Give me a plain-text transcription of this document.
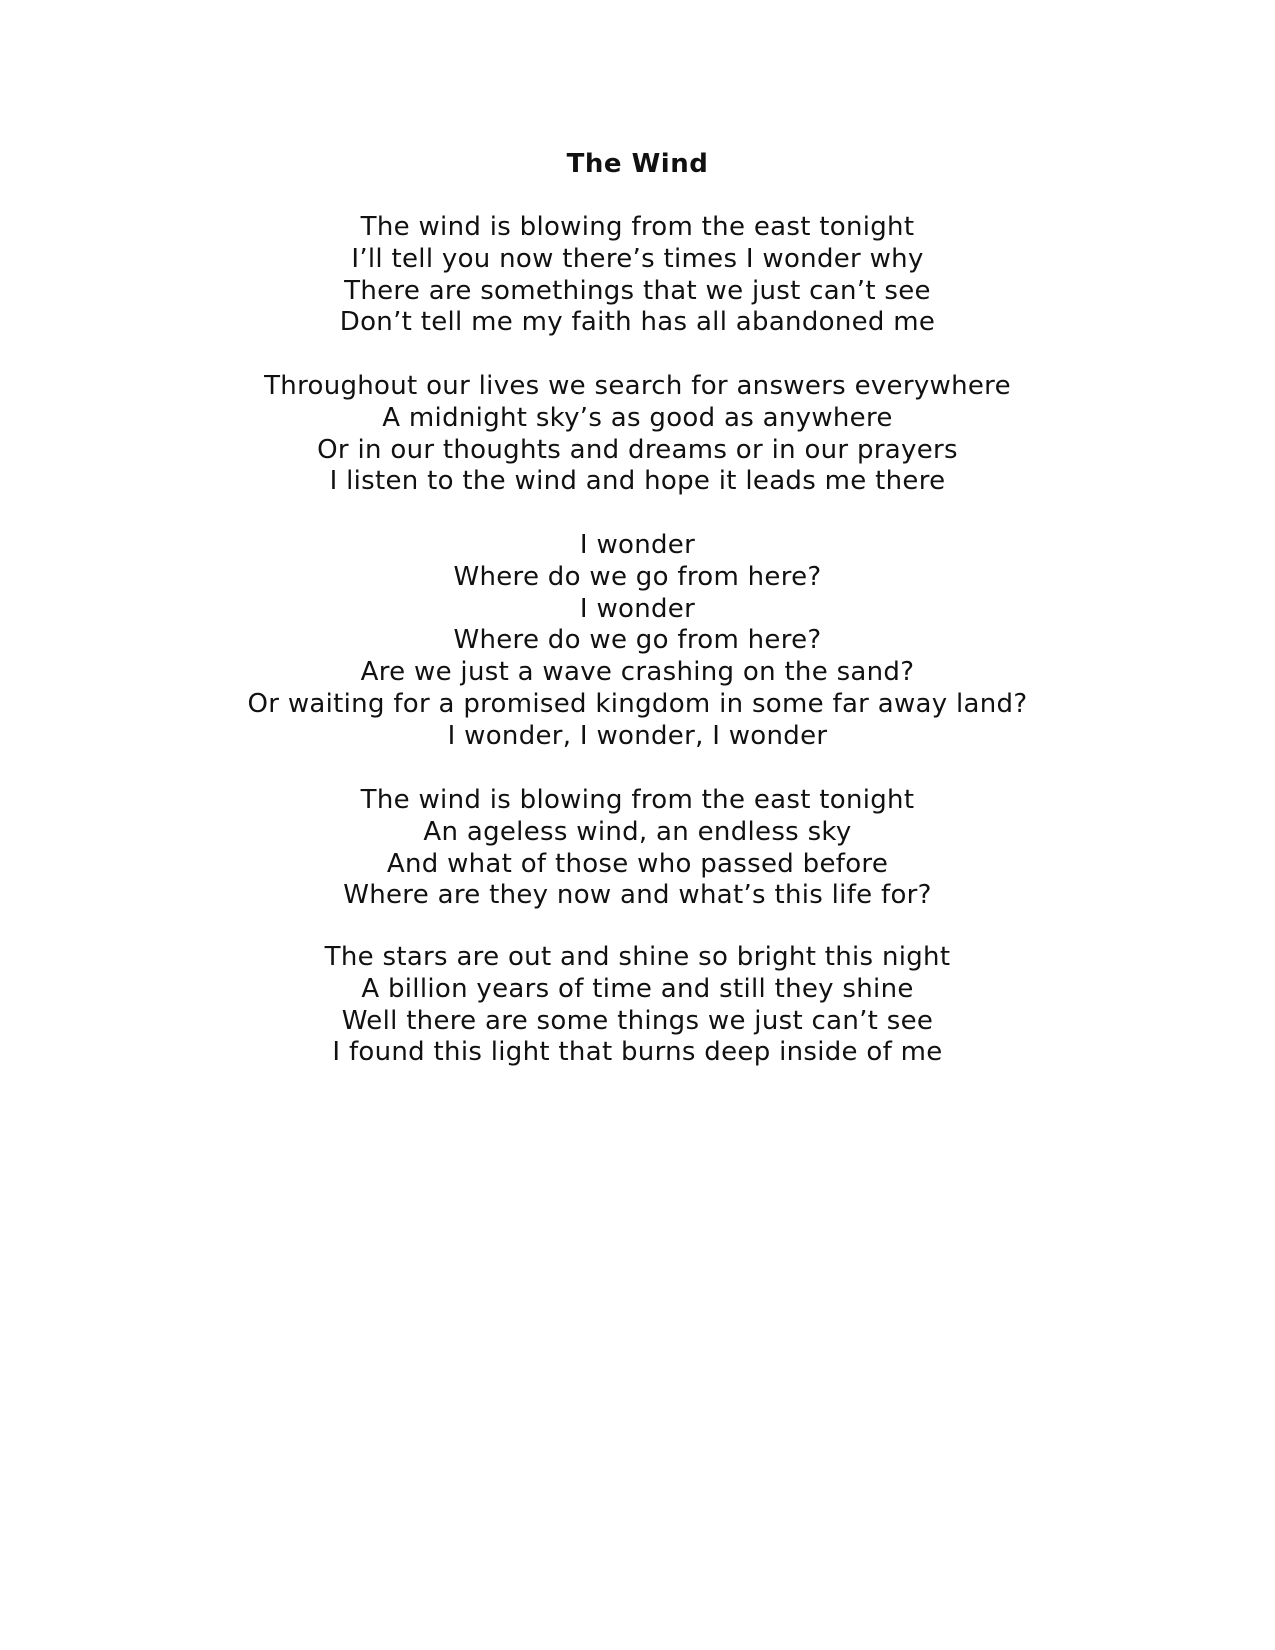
The Wind
The wind is blowing from the east tonight
I’ll tell you now there’s times I wonder why
There are somethings that we just can’t see
Don’t tell me my faith has all abandoned me
Throughout our lives we search for answers everywhere
A midnight sky’s as good as anywhere
Or in our thoughts and dreams or in our prayers
I listen to the wind and hope it leads me there
I wonder
Where do we go from here?
I wonder
Where do we go from here?
Are we just a wave crashing on the sand?
Or waiting for a promised kingdom in some far away land?
I wonder, I wonder, I wonder
The wind is blowing from the east tonight
An ageless wind, an endless sky
And what of those who passed before
Where are they now and what’s this life for?
The stars are out and shine so bright this night
A billion years of time and still they shine
Well there are some things we just can’t see
I found this light that burns deep inside of me
